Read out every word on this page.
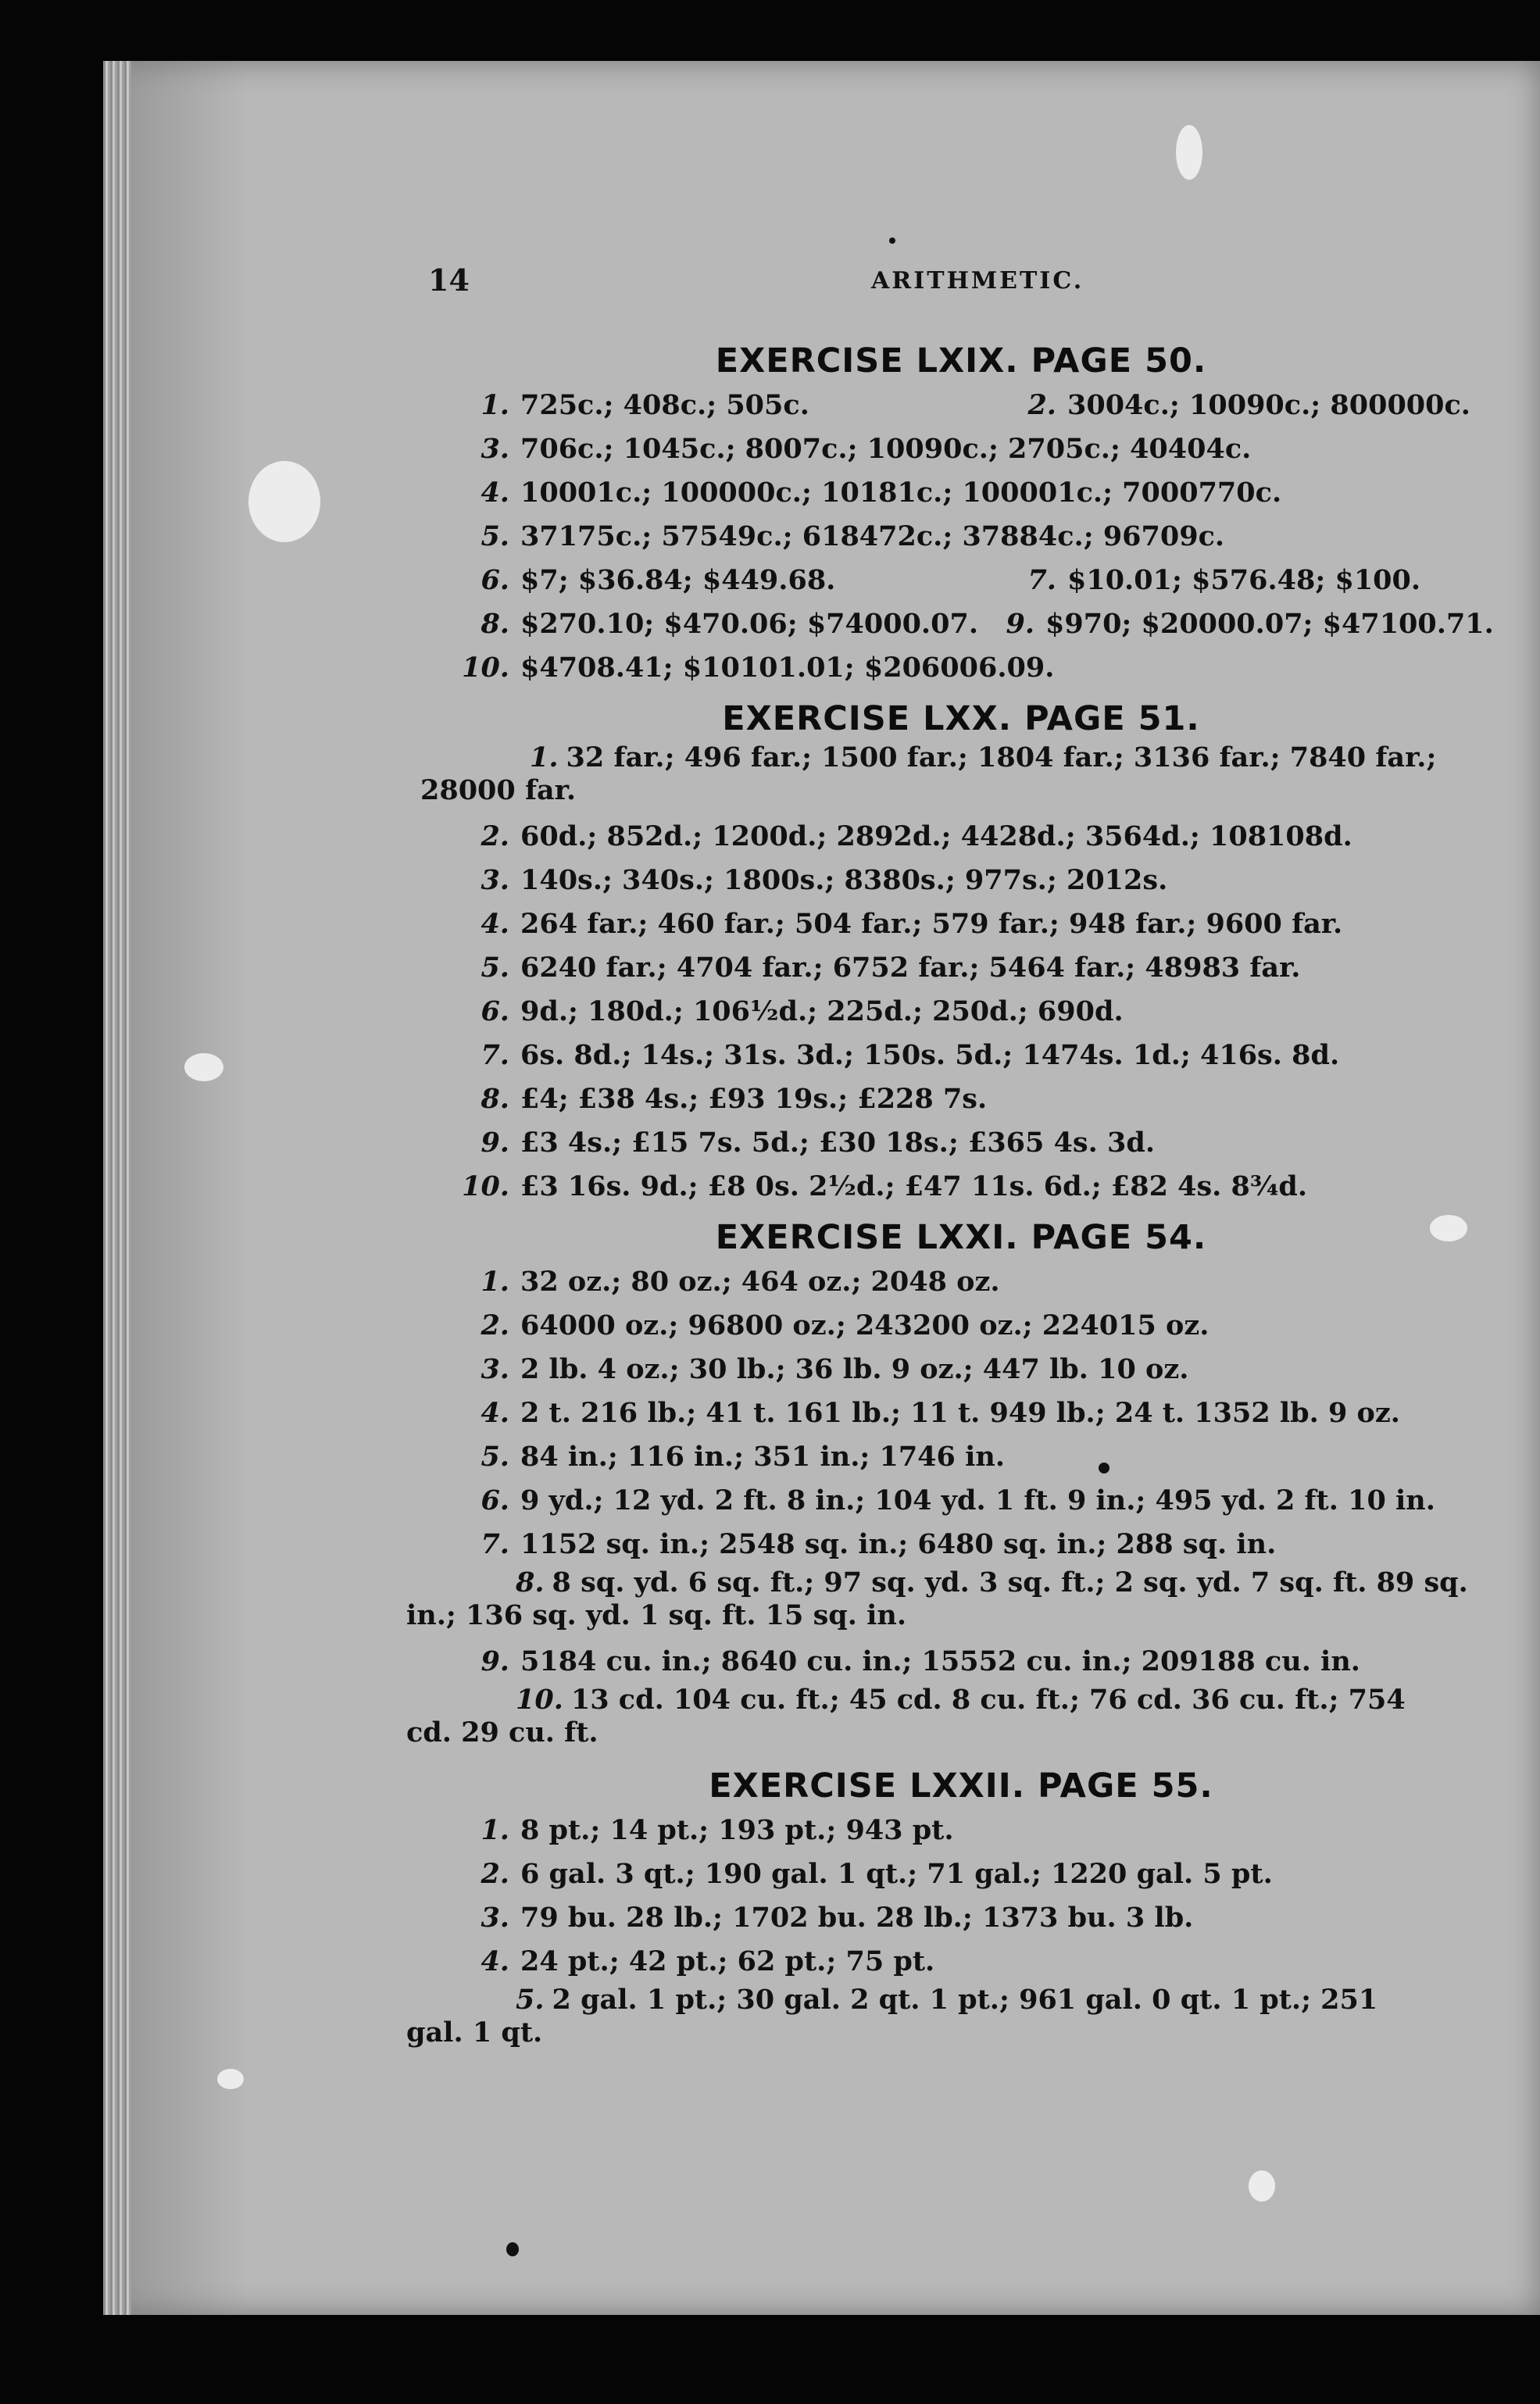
14	ARITHMETIC.
EXERCISE LXIX. PAGE 50.
1. 725c.; 408c.; 505c.	2. 3004c.; 10090c.; 800000c.
3. 706c.; 1045c.; 8007c.; 10090c.; 2705c.; 40404c.
4. 10001c.; 100000c.; 10181c.; 100001c.; 7000770c.
5. 37175c.; 57549c.; 618472c.; 37884c.; 96709c.
6. $7; $36.84; $449.68.	7. $10.01; $576.48; $100.
8. $270.10; $470.06; $74000.07. 9. $970; $20000.07; $47100.71.
10. $4708.41; $10101.01; $206006.09.
EXERCISE LXX. PAGE 51.
1. 32 far.; 496 far.; 1500 far.; 1804 far.; 3136 far.; 7840 far.; 28000 far.
2. 60d.; 852d.; 1200d.; 2892d.; 4428d.; 3564d.; 108108d.
3. 140s.; 340s.; 1800s.; 8380s.; 977s.; 2012s.
4. 264 far.; 460 far.; 504 far.; 579 far.; 948 far.; 9600 far.
5. 6240 far.; 4704 far.; 6752 far.; 5464 far.; 48983 far.
6. 9d.; 180d.; 106½d.; 225d.; 250d.; 690d.
7. 6s. 8d.; 14s.; 31s. 3d.; 150s. 5d.; 1474s. 1d.; 416s. 8d.
8. £4; £38 4s.; £93 19s.; £228 7s.
9. £3 4s.; £15 7s. 5d.; £30 18s.; £365 4s. 3d.
10. £3 16s. 9d.; £8 0s. 2½d.; £47 11s. 6d.; £82 4s. 8¾d.
EXERCISE LXXI. PAGE 54.
1. 32 oz.; 80 oz.; 464 oz.; 2048 oz.
2. 64000 oz.; 96800 oz.; 243200 oz.; 224015 oz.
3. 2 lb. 4 oz.; 30 lb.; 36 lb. 9 oz.; 447 lb. 10 oz.
4. 2 t. 216 lb.; 41 t. 161 lb.; 11 t. 949 lb.; 24 t. 1352 lb. 9 oz.
5. 84 in.; 116 in.; 351 in.; 1746 in.
6. 9 yd.; 12 yd. 2 ft. 8 in.; 104 yd. 1 ft. 9 in.; 495 yd. 2 ft. 10 in.
7. 1152 sq. in.; 2548 sq. in.; 6480 sq. in.; 288 sq. in.
8. 8 sq. yd. 6 sq. ft.; 97 sq. yd. 3 sq. ft.; 2 sq. yd. 7 sq. ft. 89 sq. in.; 136 sq. yd. 1 sq. ft. 15 sq. in.
9. 5184 cu. in.; 8640 cu. in.; 15552 cu. in.; 209188 cu. in.
10. 13 cd. 104 cu. ft.; 45 cd. 8 cu. ft.; 76 cd. 36 cu. ft.; 754 cd. 29 cu. ft.
EXERCISE LXXII. PAGE 55.
1. 8 pt.; 14 pt.; 193 pt.; 943 pt.
2. 6 gal. 3 qt.; 190 gal. 1 qt.; 71 gal.; 1220 gal. 5 pt.
3. 79 bu. 28 lb.; 1702 bu. 28 lb.; 1373 bu. 3 lb.
4. 24 pt.; 42 pt.; 62 pt.; 75 pt.
5. 2 gal. 1 pt.; 30 gal. 2 qt. 1 pt.; 961 gal. 0 qt. 1 pt.; 251 gal. 1 qt.
